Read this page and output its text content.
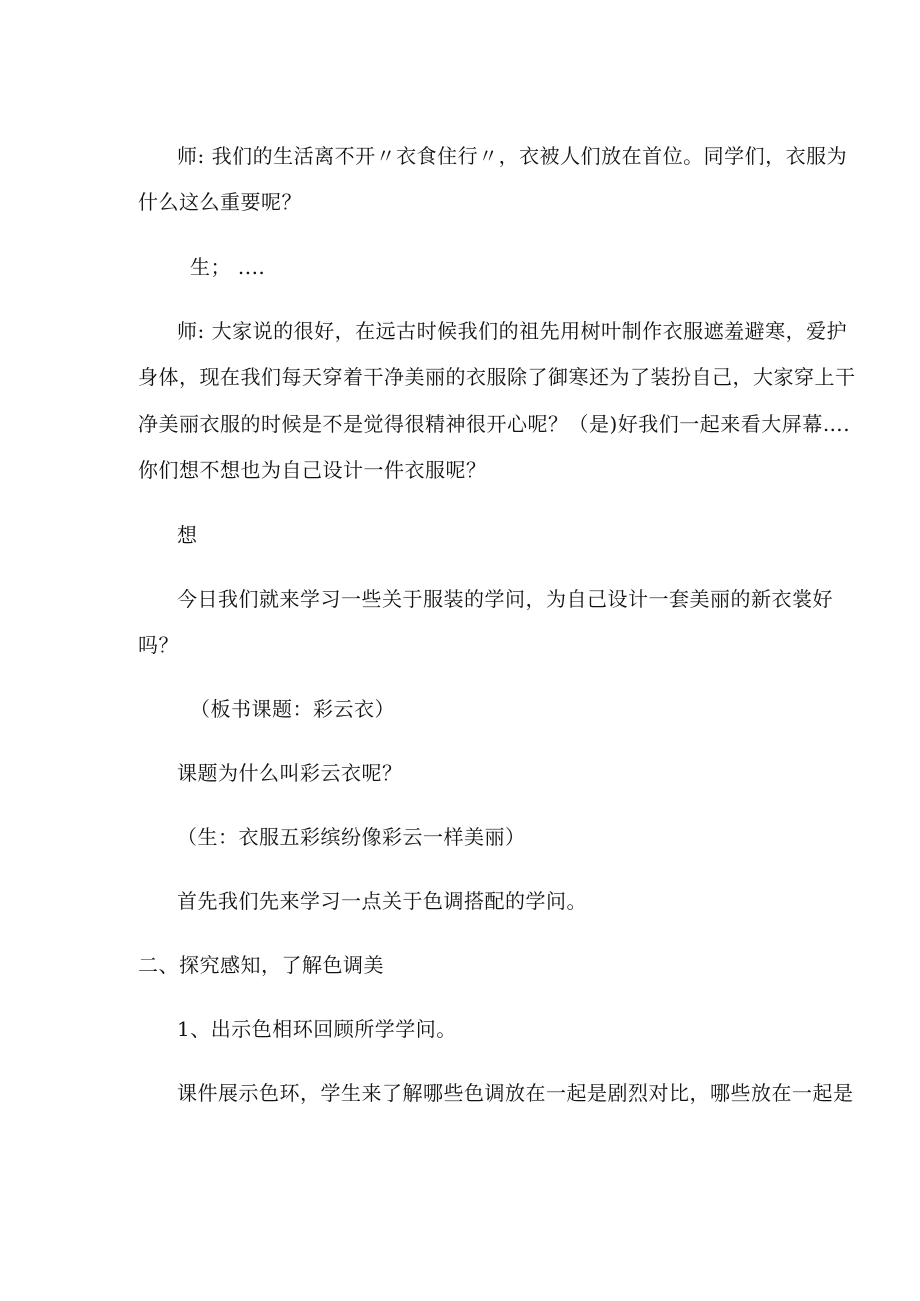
师: 我们的生活离不开〃衣食住行〃，衣被人们放在首位。同学们，衣服为
什么这么重要呢？
生； ....
师: 大家说的很好，在远古时候我们的祖先用树叶制作衣服遮羞避寒，爱护
身体，现在我们每天穿着干净美丽的衣服除了御寒还为了装扮自己，大家穿上干
净美丽衣服的时候是不是觉得很精神很开心呢？（是)好我们一起来看大屏幕….
你们想不想也为自己设计一件衣服呢？
想
今日我们就来学习一些关于服装的学问，为自己设计一套美丽的新衣裳好
吗？
（板书课题：彩云衣）
课题为什么叫彩云衣呢？
（生：衣服五彩缤纷像彩云一样美丽）
首先我们先来学习一点关于色调搭配的学问。
二、探究感知，了解色调美
1、出示色相环回顾所学学问。
课件展示色环，学生来了解哪些色调放在一起是剧烈对比，哪些放在一起是
